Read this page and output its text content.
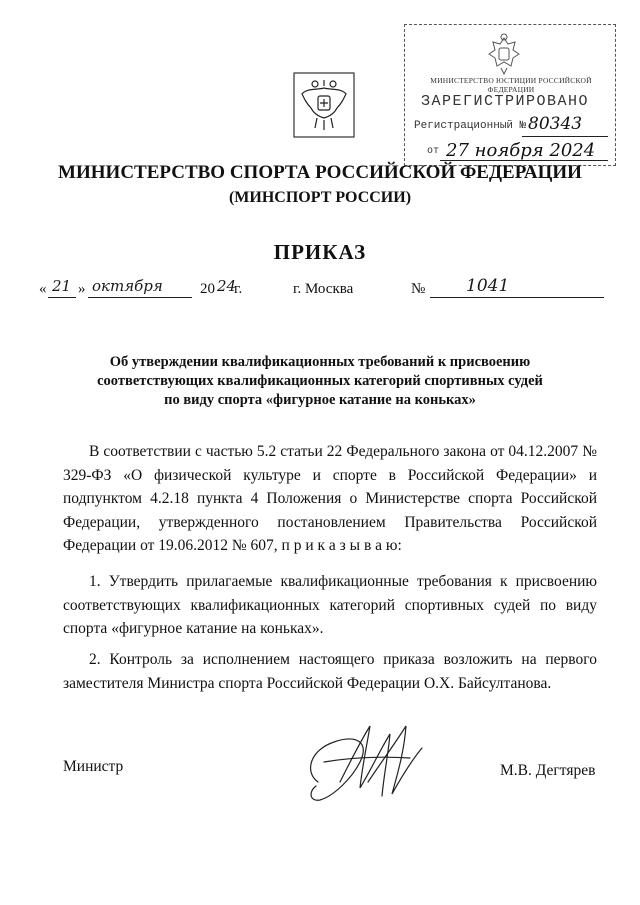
МИНИСТЕРСТВО ЮСТИЦИИ РОССИЙСКОЙ ФЕДЕРАЦИИ
ЗАРЕГИСТРИРОВАНО
Регистрационный № 80343
от 27 ноября 2024
МИНИСТЕРСТВО СПОРТА РОССИЙСКОЙ ФЕДЕРАЦИИ
(МИНСПОРТ РОССИИ)
ПРИКАЗ
« 21 » октября 20 24
г.	г. Москва	№ 1041
Об утверждении квалификационных требований к присвоению соответствующих квалификационных категорий спортивных судей по виду спорта «фигурное катание на коньках»
В соответствии с частью 5.2 статьи 22 Федерального закона от 04.12.2007 № 329-ФЗ «О физической культуре и спорте в Российской Федерации» и подпунктом 4.2.18 пункта 4 Положения о Министерстве спорта Российской Федерации, утвержденного постановлением Правительства Российской Федерации от 19.06.2012 № 607, п р и к а з ы в а ю:
1. Утвердить прилагаемые квалификационные требования к присвоению соответствующих квалификационных категорий спортивных судей по виду спорта «фигурное катание на коньках».
2. Контроль за исполнением настоящего приказа возложить на первого заместителя Министра спорта Российской Федерации О.Х. Байсултанова.
Министр	М.В. Дегтярев
